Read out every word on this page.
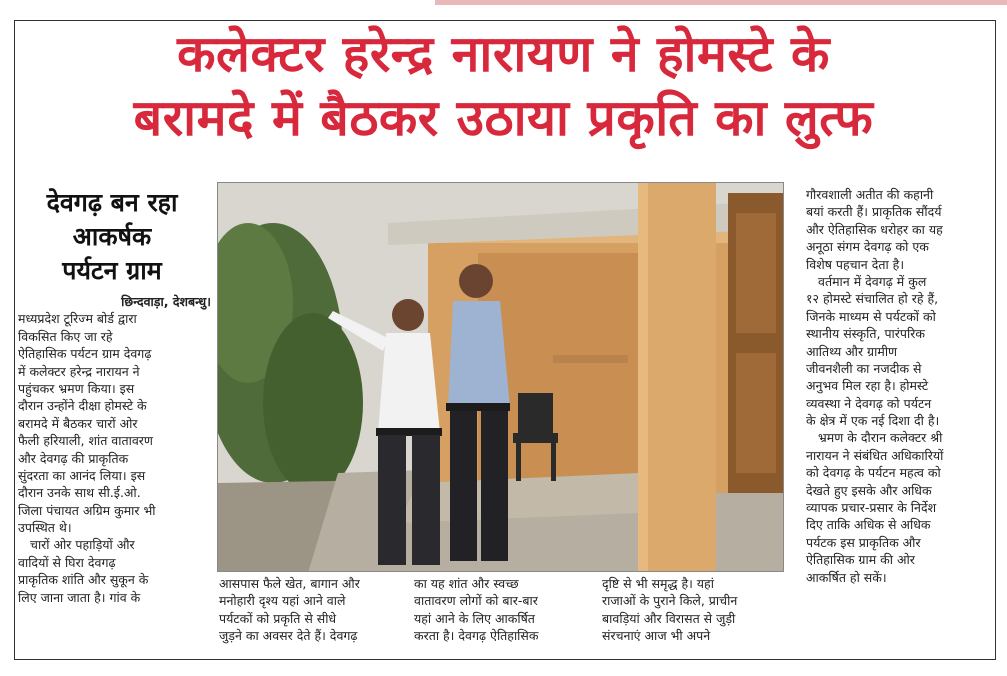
कलेक्टर हरेन्द्र नारायण ने होमस्टे के
बरामदे में बैठकर उठाया प्रकृति का लुत्फ
देवगढ़ बन रहा
आकर्षक
पर्यटन ग्राम

छिन्दवाड़ा, देशबन्धु।

मध्यप्रदेश टूरिज्म बोर्ड द्वारा

विकसित किए जा रहे

ऐतिहासिक पर्यटन ग्राम देवगढ़

में कलेक्टर हरेन्द्र नारायन ने

पहुंचकर भ्रमण किया। इस

दौरान उन्होंने दीक्षा होमस्टे के

बरामदे में बैठकर चारों ओर

फैली हरियाली, शांत वातावरण

और देवगढ़ की प्राकृतिक

सुंदरता का आनंद लिया। इस

दौरान उनके साथ सी.ई.ओ.

जिला पंचायत अग्रिम कुमार भी

उपस्थित थे।

चारों ओर पहाड़ियों और

वादियों से घिरा देवगढ़

प्राकृतिक शांति और सुकून के

लिए जाना जाता है। गांव के

आसपास फैले खेत, बागान और

मनोहारी दृश्य यहां आने वाले

पर्यटकों को प्रकृति से सीधे

जुड़ने का अवसर देते हैं। देवगढ़

का यह शांत और स्वच्छ

वातावरण लोगों को बार-बार

यहां आने के लिए आकर्षित

करता है। देवगढ़ ऐतिहासिक

दृष्टि से भी समृद्ध है। यहां

राजाओं के पुराने किले, प्राचीन

बावड़ियां और विरासत से जुड़ी

संरचनाएं आज भी अपने

गौरवशाली अतीत की कहानी

बयां करती हैं। प्राकृतिक सौंदर्य

और ऐतिहासिक धरोहर का यह

अनूठा संगम देवगढ़ को एक

विशेष पहचान देता है।

वर्तमान में देवगढ़ में कुल

१२ होमस्टे संचालित हो रहे हैं,

जिनके माध्यम से पर्यटकों को

स्थानीय संस्कृति, पारंपरिक

आतिथ्य और ग्रामीण

जीवनशैली का नजदीक से

अनुभव मिल रहा है। होमस्टे

व्यवस्था ने देवगढ़ को पर्यटन

के क्षेत्र में एक नई दिशा दी है।

भ्रमण के दौरान कलेक्टर श्री

नारायन ने संबंधित अधिकारियों

को देवगढ़ के पर्यटन महत्व को

देखते हुए इसके और अधिक

व्यापक प्रचार-प्रसार के निर्देश

दिए ताकि अधिक से अधिक

पर्यटक इस प्राकृतिक और

ऐतिहासिक ग्राम की ओर

आकर्षित हो सकें।
